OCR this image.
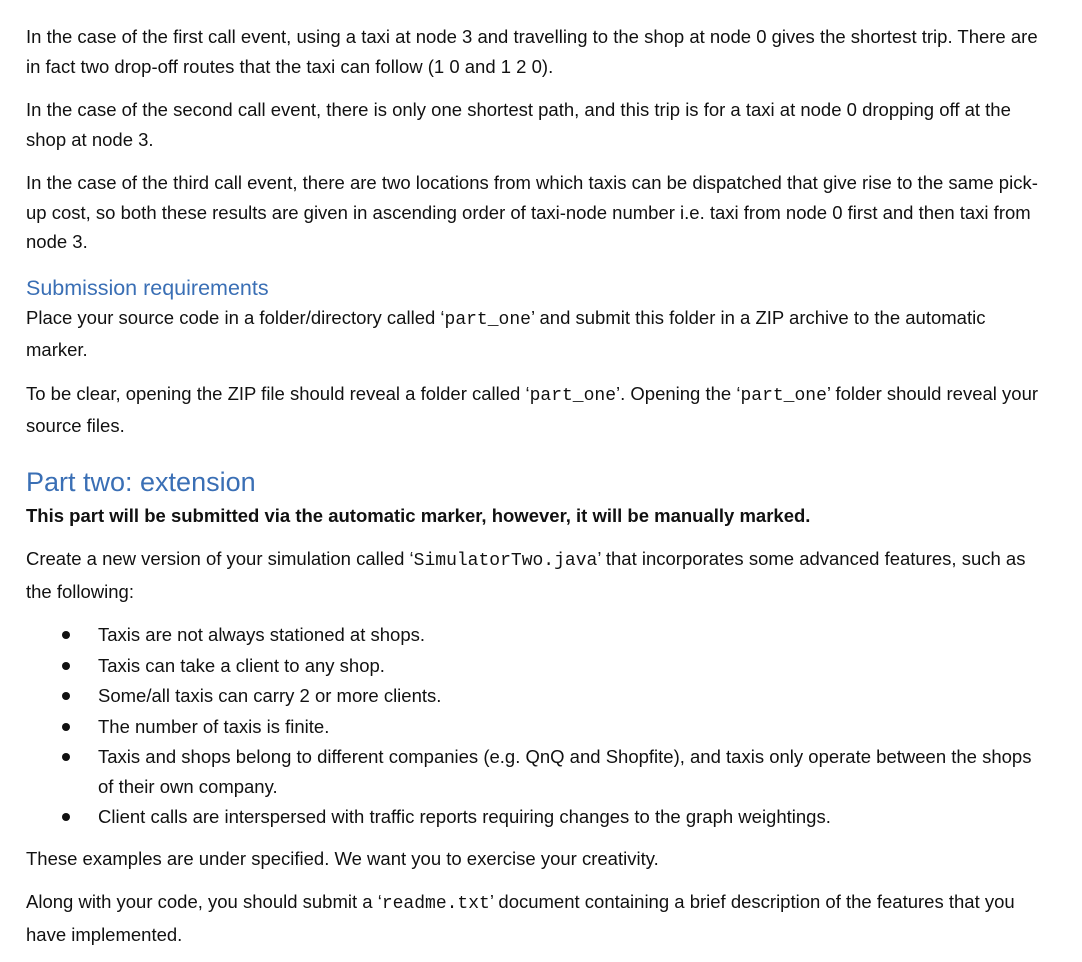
In the case of the first call event, using a taxi at node 3 and travelling to the shop at node 0 gives the shortest trip. There are in fact two drop-off routes that the taxi can follow (1 0 and 1 2 0).

In the case of the second call event, there is only one shortest path, and this trip is for a taxi at node 0 dropping off at the shop at node 3.

In the case of the third call event, there are two locations from which taxis can be dispatched that give rise to the same pick-up cost, so both these results are given in ascending order of taxi-node number i.e. taxi from node 0 first and then taxi from node 3.

Submission requirements

Place your source code in a folder/directory called ‘part_one’ and submit this folder in a ZIP archive to the automatic marker.

To be clear, opening the ZIP file should reveal a folder called ‘part_one’. Opening the ‘part_one’ folder should reveal your source files.

Part two: extension

This part will be submitted via the automatic marker, however, it will be manually marked.

Create a new version of your simulation called ‘SimulatorTwo.java’ that incorporates some advanced features, such as the following:

Taxis are not always stationed at shops.
Taxis can take a client to any shop.
Some/all taxis can carry 2 or more clients.
The number of taxis is finite.
Taxis and shops belong to different companies (e.g. QnQ and Shopfite), and taxis only operate between the shops of their own company.
Client calls are interspersed with traffic reports requiring changes to the graph weightings.

These examples are under specified. We want you to exercise your creativity.

Along with your code, you should submit a ‘readme.txt’ document containing a brief description of the features that you have implemented.
